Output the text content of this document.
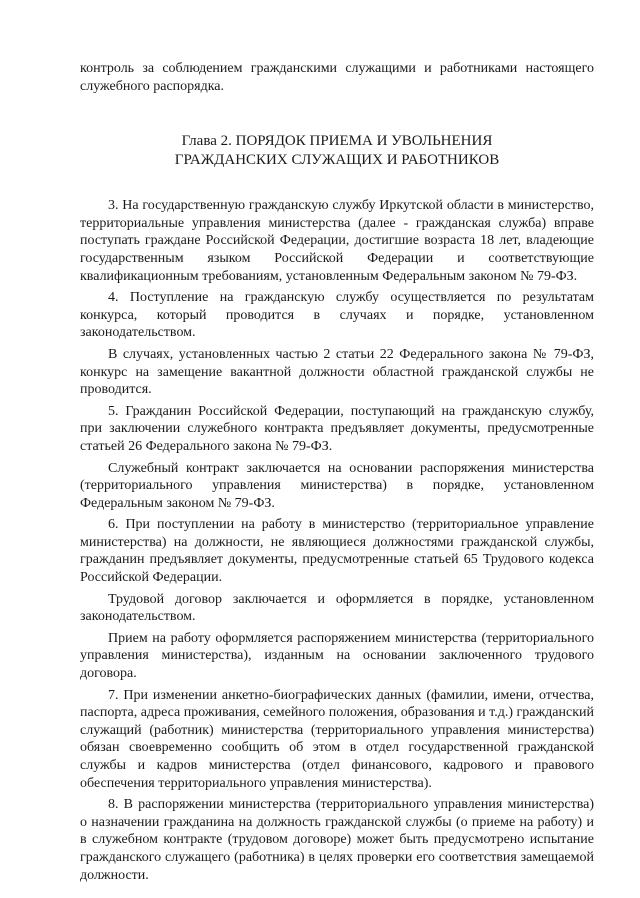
контроль за соблюдением гражданскими служащими и работниками настоящего служебного распорядка.

Глава 2. ПОРЯДОК ПРИЕМА И УВОЛЬНЕНИЯ
ГРАЖДАНСКИХ СЛУЖАЩИХ И РАБОТНИКОВ

3. На государственную гражданскую службу Иркутской области в министерство, территориальные управления министерства (далее - гражданская служба) вправе поступать граждане Российской Федерации, достигшие возраста 18 лет, владеющие государственным языком Российской Федерации и соответствующие квалификационным требованиям, установленным Федеральным законом № 79-ФЗ.

4. Поступление на гражданскую службу осуществляется по результатам конкурса, который проводится в случаях и порядке, установленном законодательством.

В случаях, установленных частью 2 статьи 22 Федерального закона № 79-ФЗ, конкурс на замещение вакантной должности областной гражданской службы не проводится.

5. Гражданин Российской Федерации, поступающий на гражданскую службу, при заключении служебного контракта предъявляет документы, предусмотренные статьей 26 Федерального закона № 79-ФЗ.

Служебный контракт заключается на основании распоряжения министерства (территориального управления министерства) в порядке, установленном Федеральным законом № 79-ФЗ.

6. При поступлении на работу в министерство (территориальное управление министерства) на должности, не являющиеся должностями гражданской службы, гражданин предъявляет документы, предусмотренные статьей 65 Трудового кодекса Российской Федерации.

Трудовой договор заключается и оформляется в порядке, установленном законодательством.

Прием на работу оформляется распоряжением министерства (территориального управления министерства), изданным на основании заключенного трудового договора.

7. При изменении анкетно-биографических данных (фамилии, имени, отчества, паспорта, адреса проживания, семейного положения, образования и т.д.) гражданский служащий (работник) министерства (территориального управления министерства) обязан своевременно сообщить об этом в отдел государственной гражданской службы и кадров министерства (отдел финансового, кадрового и правового обеспечения территориального управления министерства).

8. В распоряжении министерства (территориального управления министерства) о назначении гражданина на должность гражданской службы (о приеме на работу) и в служебном контракте (трудовом договоре) может быть предусмотрено испытание гражданского служащего (работника) в целях проверки его соответствия замещаемой должности.
